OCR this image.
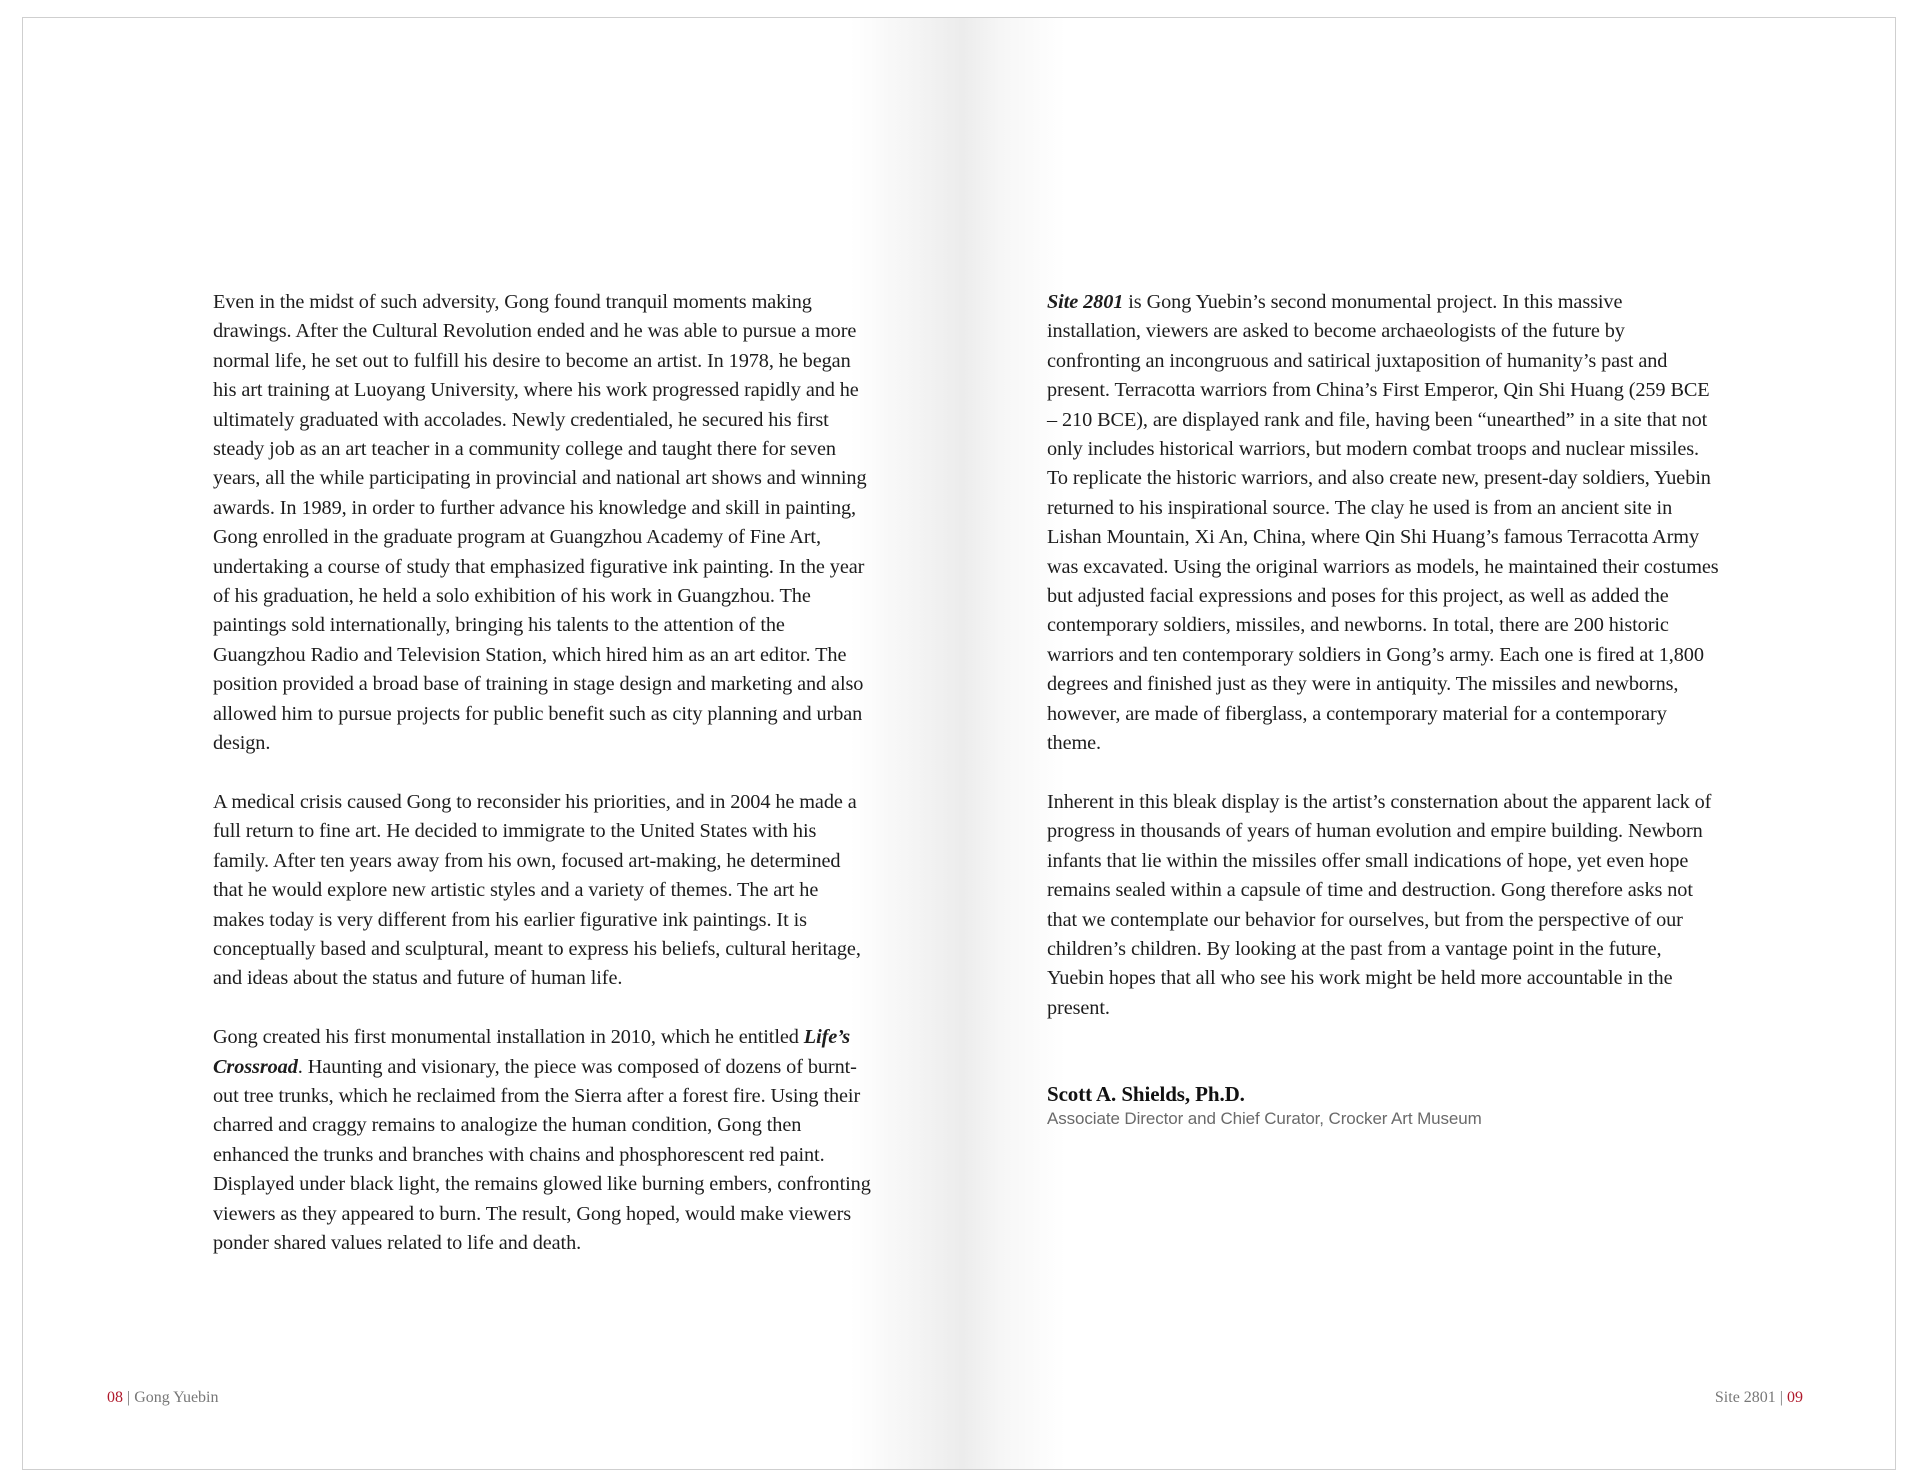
Even in the midst of such adversity, Gong found tranquil moments making drawings. After the Cultural Revolution ended and he was able to pursue a more normal life, he set out to fulfill his desire to become an artist. In 1978, he began his art training at Luoyang University, where his work progressed rapidly and he ultimately graduated with accolades. Newly credentialed, he secured his first steady job as an art teacher in a community college and taught there for seven years, all the while participating in provincial and national art shows and winning awards. In 1989, in order to further advance his knowledge and skill in painting, Gong enrolled in the graduate program at Guangzhou Academy of Fine Art, undertaking a course of study that emphasized figurative ink painting. In the year of his graduation, he held a solo exhibition of his work in Guangzhou. The paintings sold internationally, bringing his talents to the attention of the Guangzhou Radio and Television Station, which hired him as an art editor. The position provided a broad base of training in stage design and marketing and also allowed him to pursue projects for public benefit such as city planning and urban design.

A medical crisis caused Gong to reconsider his priorities, and in 2004 he made a full return to fine art. He decided to immigrate to the United States with his family. After ten years away from his own, focused art-making, he determined that he would explore new artistic styles and a variety of themes. The art he makes today is very different from his earlier figurative ink paintings. It is conceptually based and sculptural, meant to express his beliefs, cultural heritage, and ideas about the status and future of human life.

Gong created his first monumental installation in 2010, which he entitled Life’s Crossroad. Haunting and visionary, the piece was composed of dozens of burnt-out tree trunks, which he reclaimed from the Sierra after a forest fire. Using their charred and craggy remains to analogize the human condition, Gong then enhanced the trunks and branches with chains and phosphorescent red paint. Displayed under black light, the remains glowed like burning embers, confronting viewers as they appeared to burn. The result, Gong hoped, would make viewers ponder shared values related to life and death.

08 | Gong Yuebin

Site 2801 is Gong Yuebin’s second monumental project. In this massive installation, viewers are asked to become archaeologists of the future by confronting an incongruous and satirical juxtaposition of humanity’s past and present. Terracotta warriors from China’s First Emperor, Qin Shi Huang (259 BCE – 210 BCE), are displayed rank and file, having been “unearthed” in a site that not only includes historical warriors, but modern combat troops and nuclear missiles. To replicate the historic warriors, and also create new, present-day soldiers, Yuebin returned to his inspirational source. The clay he used is from an ancient site in Lishan Mountain, Xi An, China, where Qin Shi Huang’s famous Terracotta Army was excavated. Using the original warriors as models, he maintained their costumes but adjusted facial expressions and poses for this project, as well as added the contemporary soldiers, missiles, and newborns. In total, there are 200 historic warriors and ten contemporary soldiers in Gong’s army. Each one is fired at 1,800 degrees and finished just as they were in antiquity. The missiles and newborns, however, are made of fiberglass, a contemporary material for a contemporary theme.

Inherent in this bleak display is the artist’s consternation about the apparent lack of progress in thousands of years of human evolution and empire building. Newborn infants that lie within the missiles offer small indications of hope, yet even hope remains sealed within a capsule of time and destruction. Gong therefore asks not that we contemplate our behavior for ourselves, but from the perspective of our children’s children. By looking at the past from a vantage point in the future, Yuebin hopes that all who see his work might be held more accountable in the present.

Scott A. Shields, Ph.D.
Associate Director and Chief Curator, Crocker Art Museum
Site 2801 | 09
